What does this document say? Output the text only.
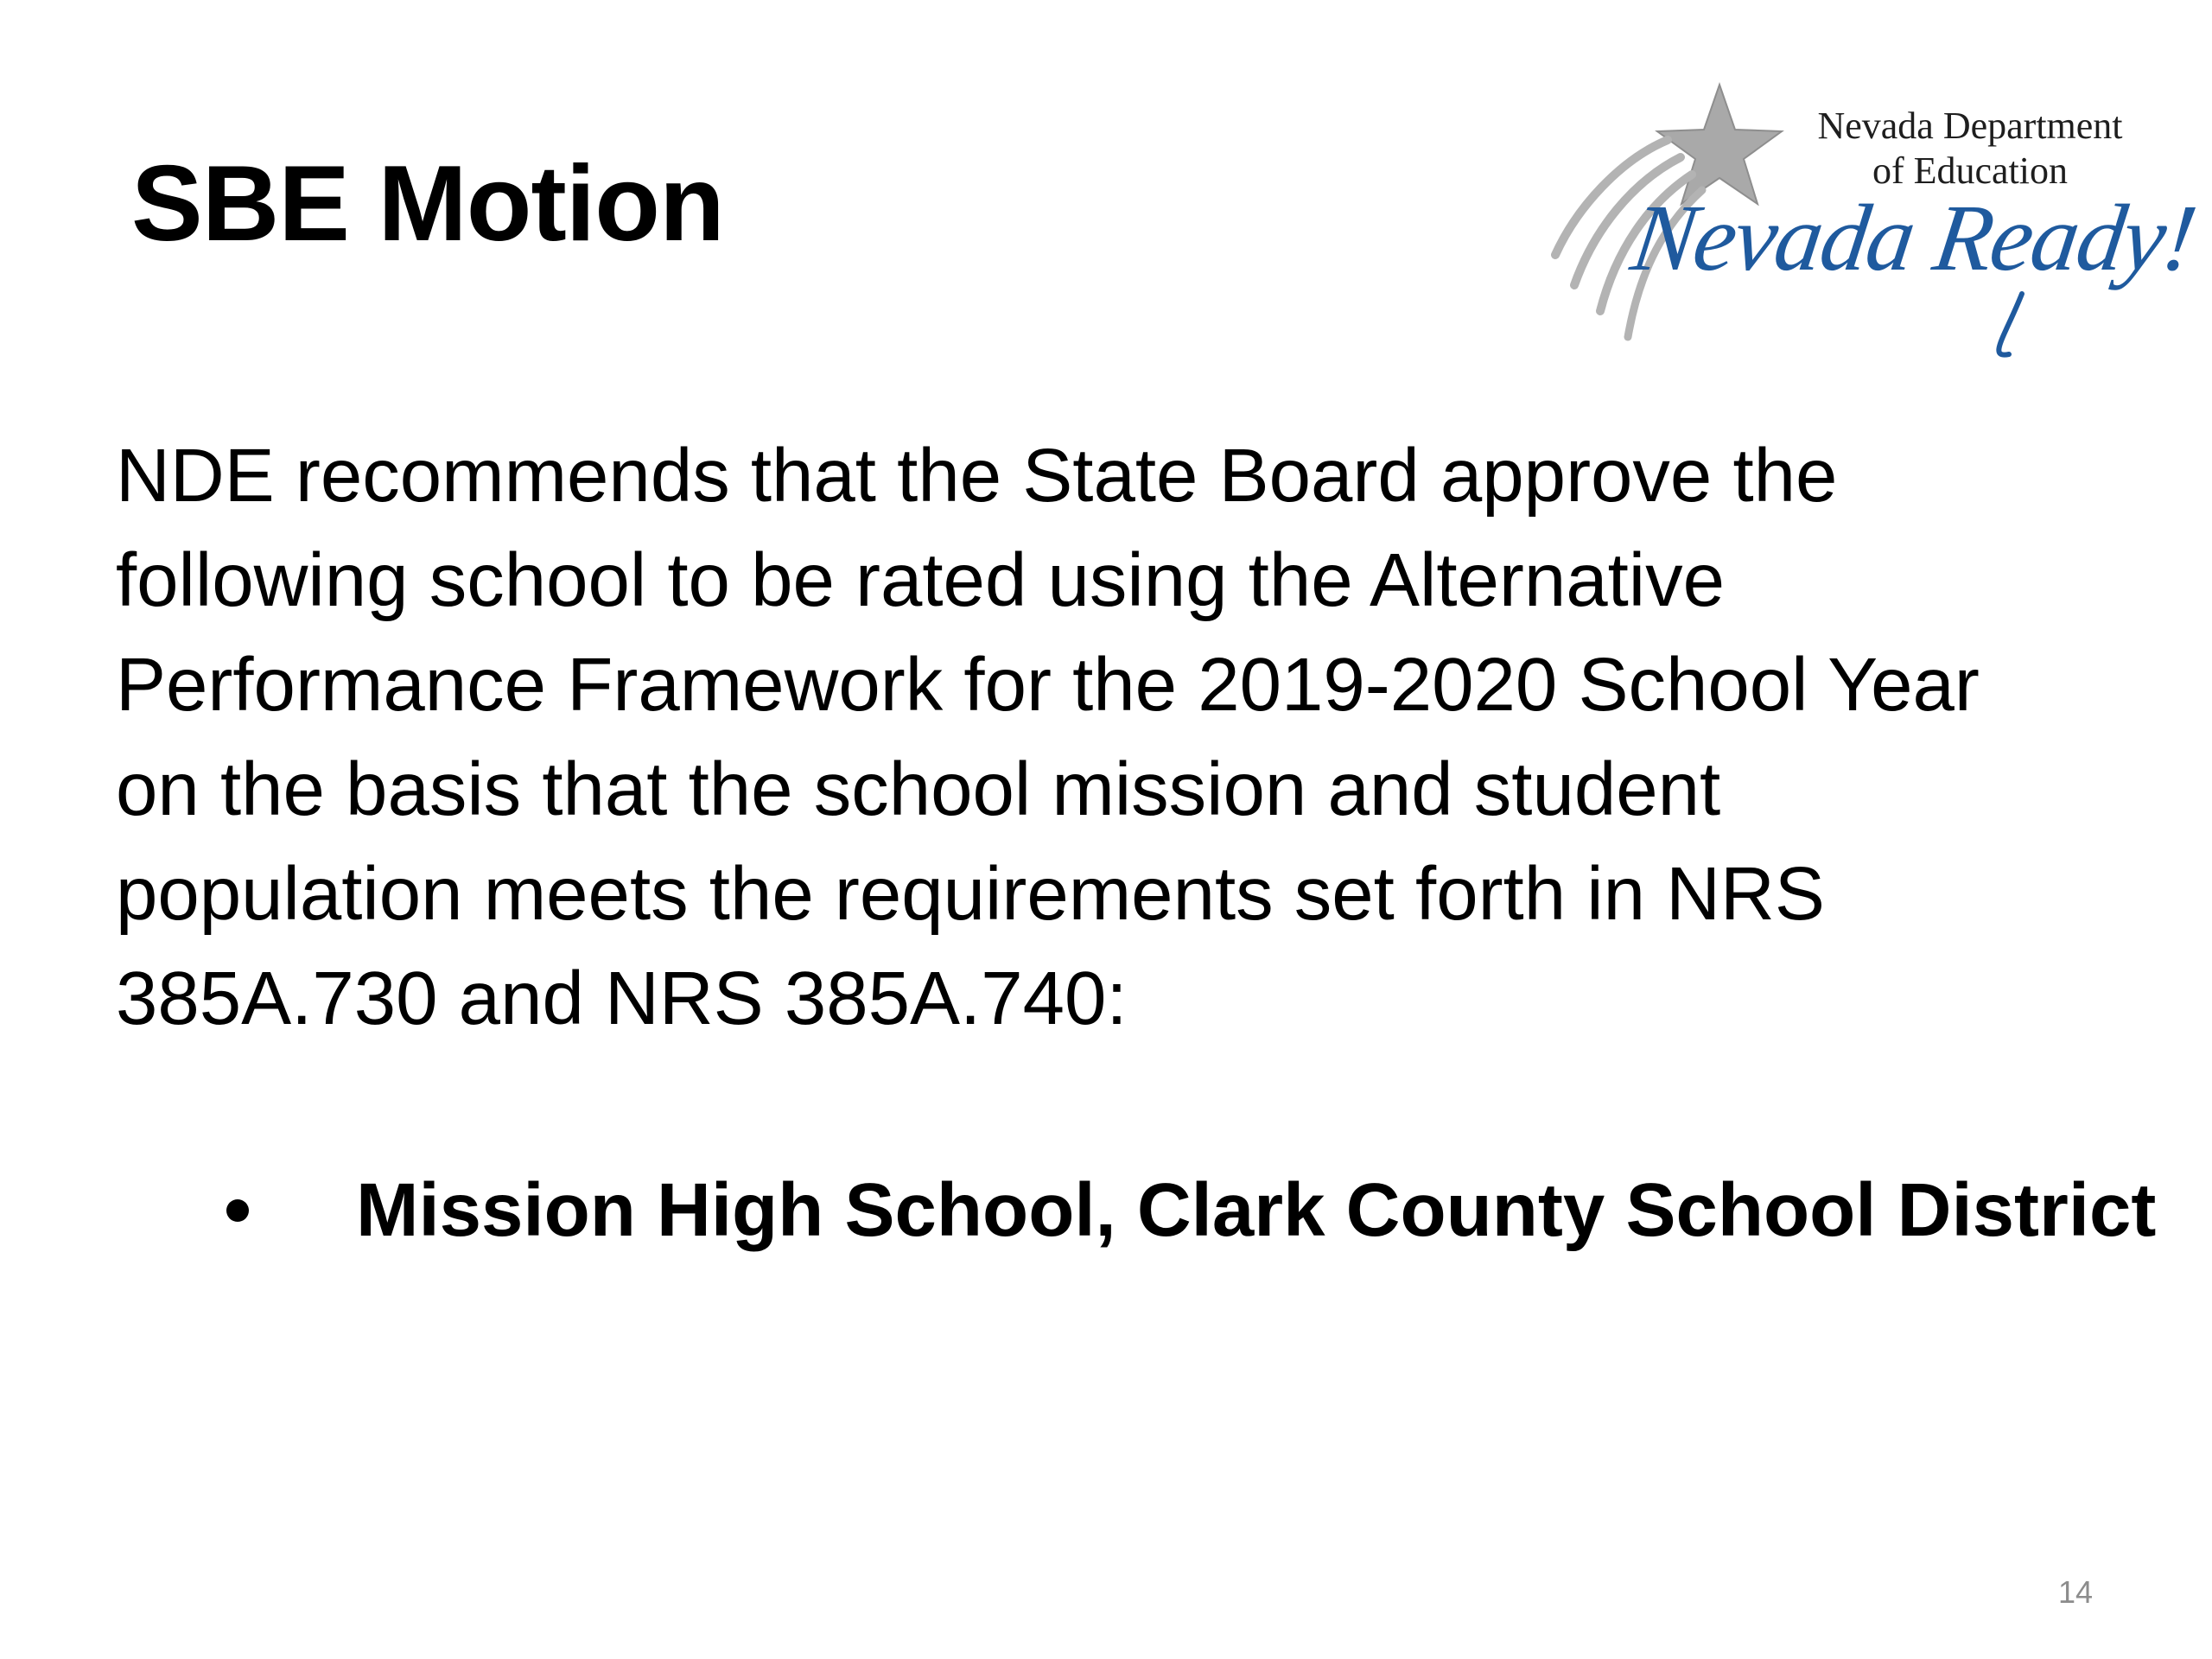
SBE Motion
Nevada Department
of Education
Nevada Ready!
NDE recommends that the State Board approve the
following school to be rated using the Alternative
Performance Framework for the 2019-2020 School Year
on the basis that the school mission and student
population meets the requirements set forth in NRS
385A.730 and NRS 385A.740:
Mission High School, Clark County School District
14
